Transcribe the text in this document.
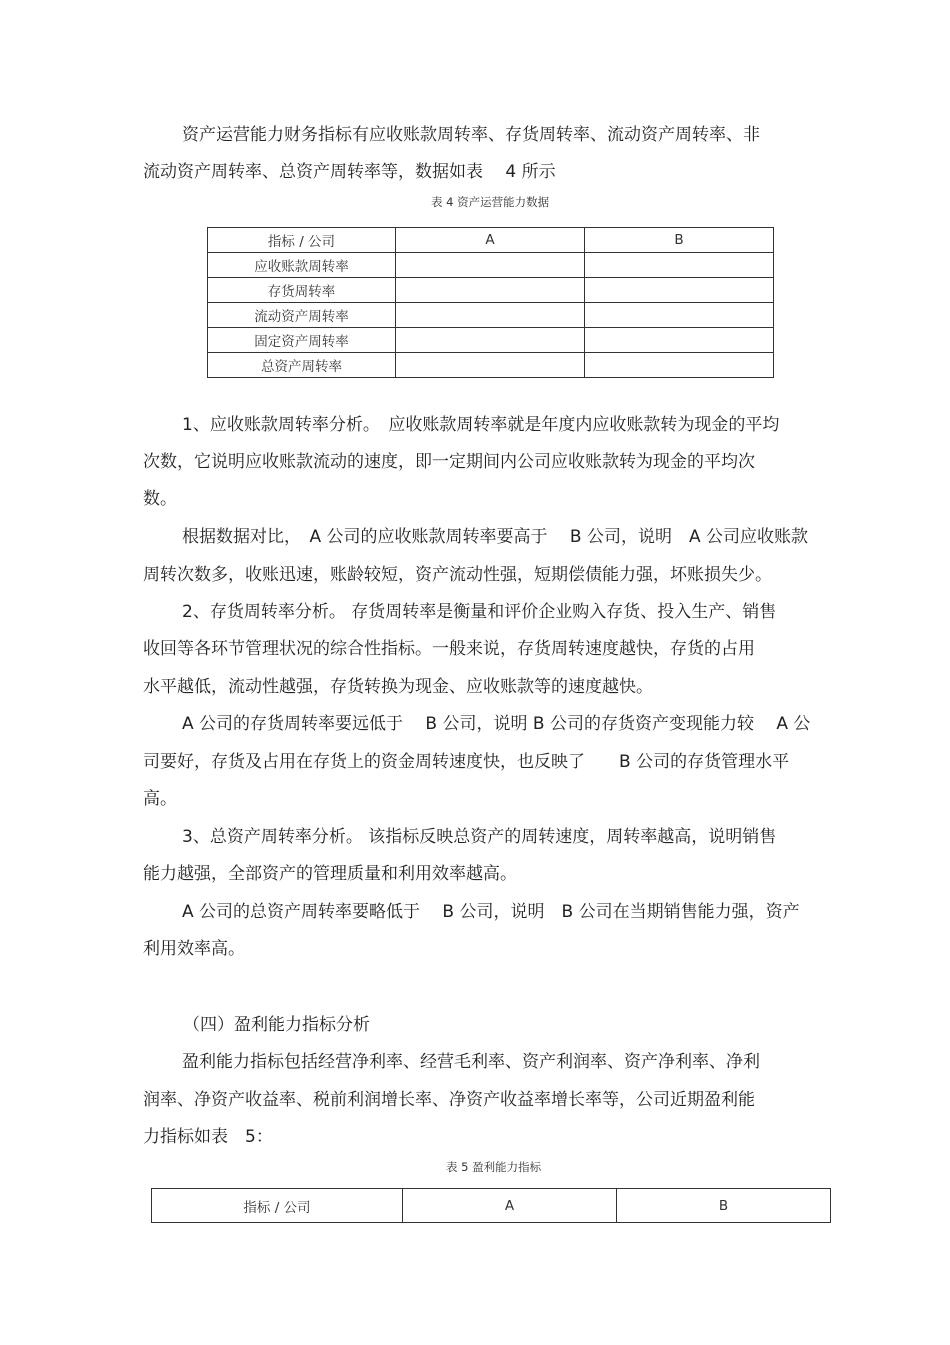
资产运营能力财务指标有应收账款周转率、存货周转率、流动资产周转率、非
流动资产周转率、总资产周转率等，数据如表　 4 所示
表 4 资产运营能力数据
指标 / 公司	A	B
应收账款周转率		
存货周转率		
流动资产周转率		
固定资产周转率		
总资产周转率		
1、应收账款周转率分析。　应收账款周转率就是年度内应收账款转为现金的平均
次数，它说明应收账款流动的速度，即一定期间内公司应收账款转为现金的平均次
数。
根据数据对比，　A 公司的应收账款周转率要高于　 B 公司，说明　A 公司应收账款
周转次数多，收账迅速，账龄较短，资产流动性强，短期偿债能力强，坏账损失少。
2、存货周转率分析。 存货周转率是衡量和评价企业购入存货、投入生产、销售
收回等各环节管理状况的综合性指标。一般来说，存货周转速度越快，存货的占用
水平越低，流动性越强，存货转换为现金、应收账款等的速度越快。
A 公司的存货周转率要远低于　 B 公司，说明 B 公司的存货资产变现能力较　 A 公
司要好，存货及占用在存货上的资金周转速度快，也反映了　　B 公司的存货管理水平
高。
3、总资产周转率分析。 该指标反映总资产的周转速度，周转率越高，说明销售
能力越强，全部资产的管理质量和利用效率越高。
A 公司的总资产周转率要略低于　 B 公司，说明　B 公司在当期销售能力强，资产
利用效率高。
（四）盈利能力指标分析
盈利能力指标包括经营净利率、经营毛利率、资产利润率、资产净利率、净利
润率、净资产收益率、税前利润增长率、净资产收益率增长率等，公司近期盈利能
力指标如表　5：
表 5 盈利能力指标
指标 / 公司	A	B
